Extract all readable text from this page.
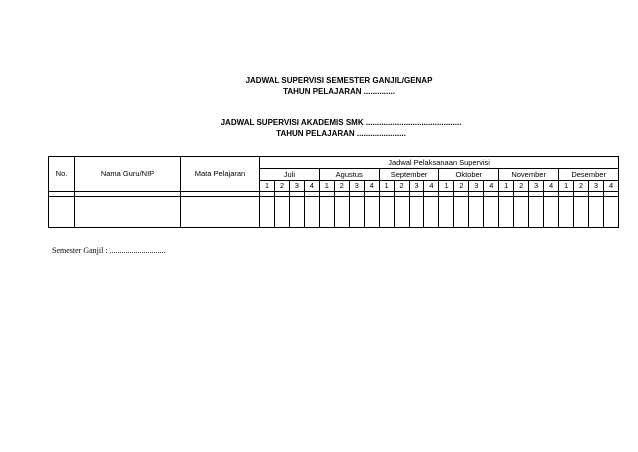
JADWAL SUPERVISI SEMESTER GANJIL/GENAP
TAHUN PELAJARAN ..............
JADWAL SUPERVISI AKADEMIS SMK ...........................................
TAHUN PELAJARAN ......................
No.	Nama Guru/NIP	Mata Pelajaran	Jadwal Pelaksanaan Supervisi																							
			Juli				Agustus				September				Oktober				November				Desember			
			1	2	3	4	1	2	3	4	1	2	3	4	1	2	3	4	1	2	3	4	1	2	3	4

Semester Ganjil : ............................
